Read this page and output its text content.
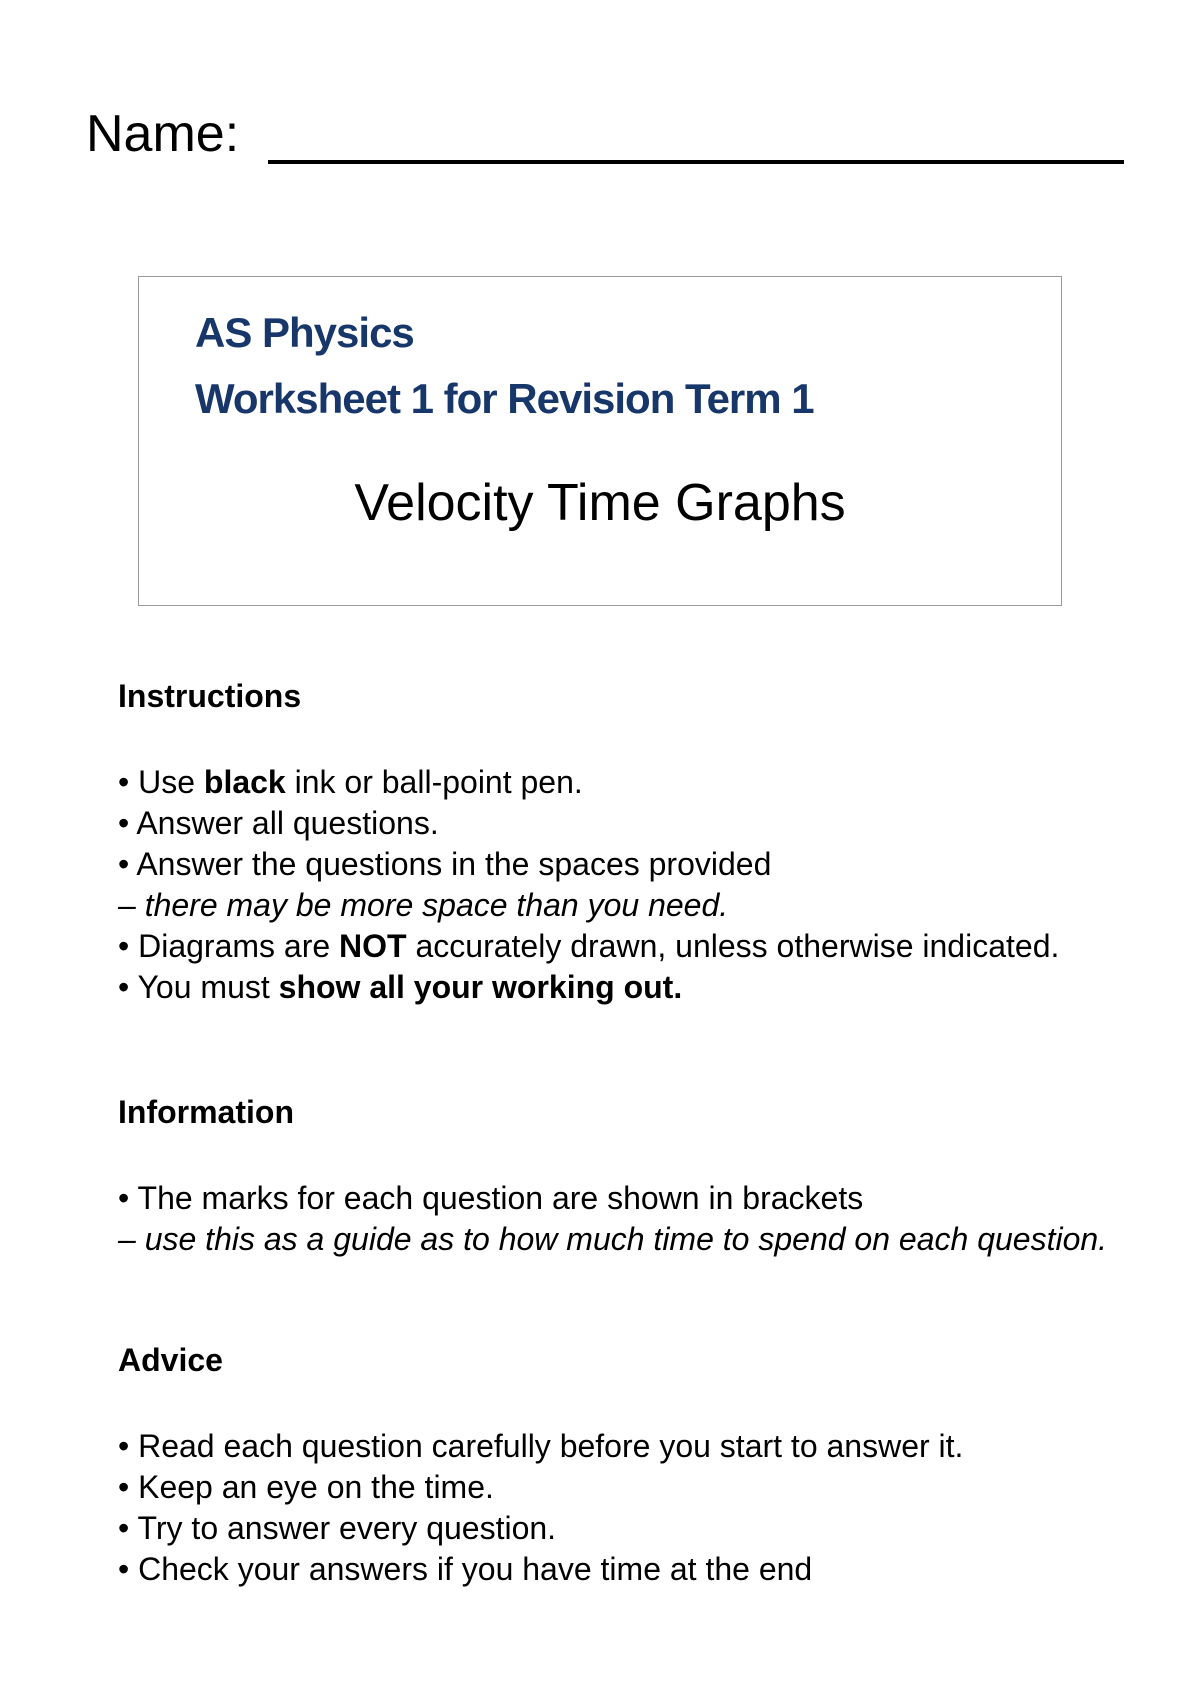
Name:
AS Physics
Worksheet 1 for Revision Term 1
Velocity Time Graphs
Instructions
• Use black ink or ball-point pen.
• Answer all questions.
• Answer the questions in the spaces provided
– there may be more space than you need.
• Diagrams are NOT accurately drawn, unless otherwise indicated.
• You must show all your working out.
Information
• The marks for each question are shown in brackets
– use this as a guide as to how much time to spend on each question.
Advice
• Read each question carefully before you start to answer it.
• Keep an eye on the time.
• Try to answer every question.
• Check your answers if you have time at the end
